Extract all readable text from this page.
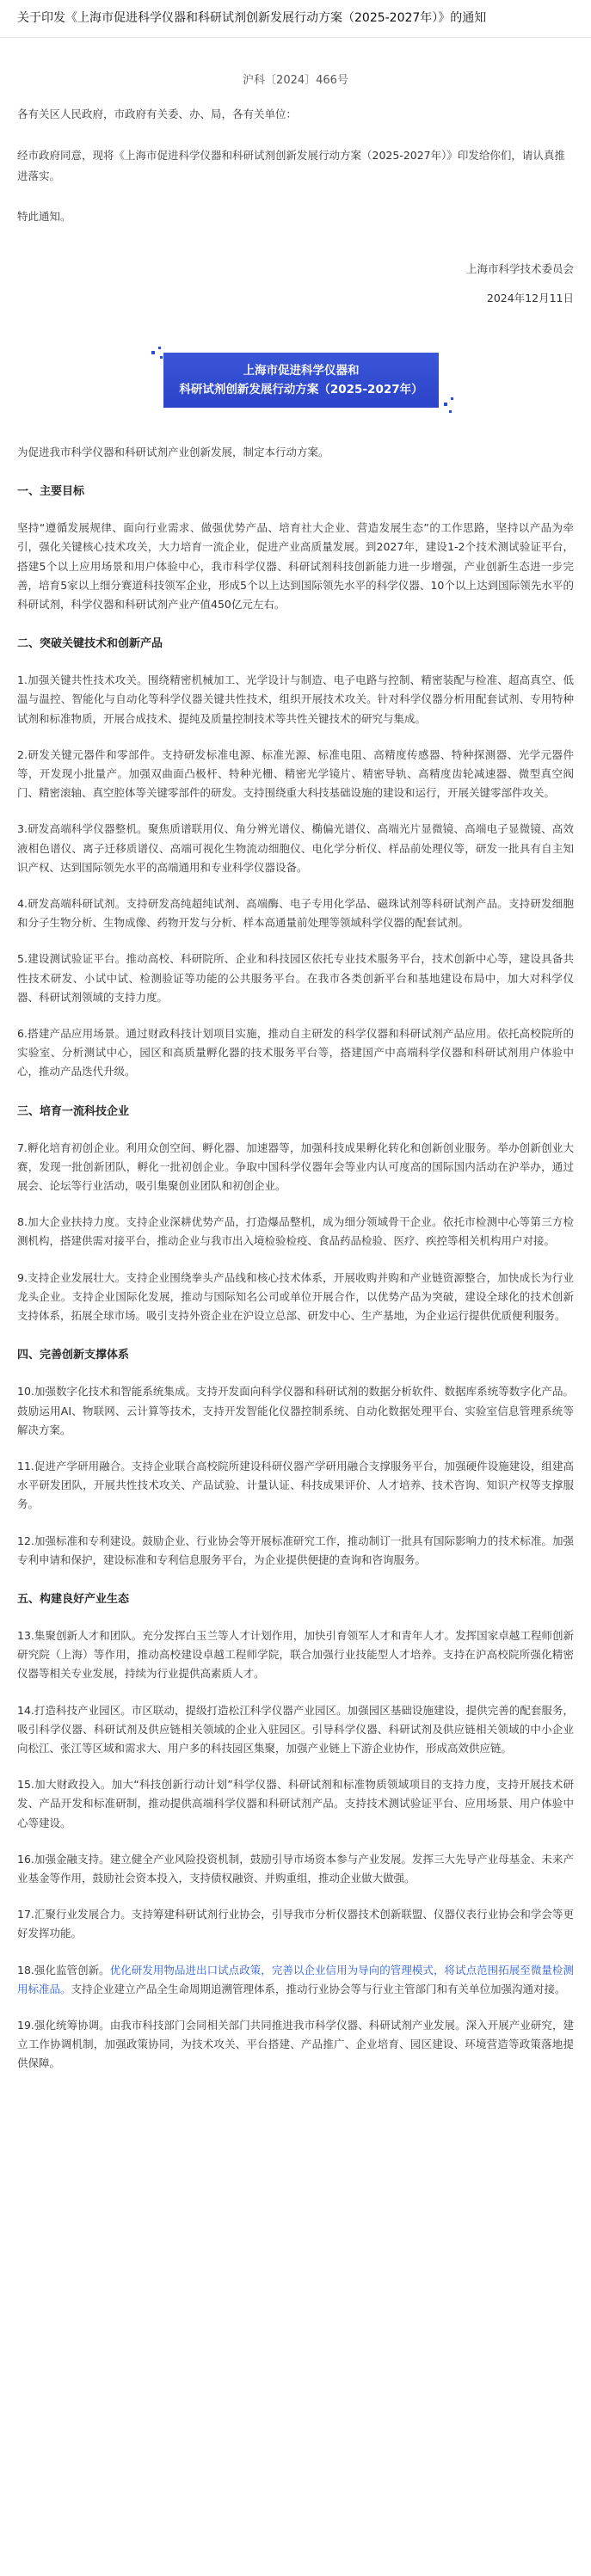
关于印发《上海市促进科学仪器和科研试剂创新发展行动方案（2025-2027年）》的通知
沪科〔2024〕466号

各有关区人民政府，市政府有关委、办、局，各有关单位：

经市政府同意，现将《上海市促进科学仪器和科研试剂创新发展行动方案（2025-2027年）》印发给你们，请认真推进落实。

特此通知。

上海市科学技术委员会

2024年12月11日

上海市促进科学仪器和
科研试剂创新发展行动方案（2025-2027年）

为促进我市科学仪器和科研试剂产业创新发展，制定本行动方案。

一、主要目标

坚持“遵循发展规律、面向行业需求、做强优势产品、培育社大企业、营造发展生态”的工作思路，坚持以产品为牵引，强化关键核心技术攻关，大力培育一流企业，促进产业高质量发展。到2027年，建设1-2个技术测试验证平台，搭建5个以上应用场景和用户体验中心，我市科学仪器、科研试剂科技创新能力进一步增强，产业创新生态进一步完善，培育5家以上细分赛道科技领军企业，形成5个以上达到国际领先水平的科学仪器、10个以上达到国际领先水平的科研试剂，科学仪器和科研试剂产业产值450亿元左右。

二、突破关键技术和创新产品

1.加强关键共性技术攻关。围绕精密机械加工、光学设计与制造、电子电路与控制、精密装配与检准、超高真空、低温与温控、智能化与自动化等科学仪器关键共性技术，组织开展技术攻关。针对科学仪器分析用配套试剂、专用特种试剂和标准物质，开展合成技术、提纯及质量控制技术等共性关键技术的研究与集成。

2.研发关键元器件和零部件。支持研发标准电源、标准光源、标准电阻、高精度传感器、特种探测器、光学元器件等，开发现小批量产。加强双曲面凸极杆、特种光栅、精密光学镜片、精密导轨、高精度齿轮减速器、微型真空阀门、精密滚轴、真空腔体等关键零部件的研发。支持围绕重大科技基础设施的建设和运行，开展关键零部件攻关。

3.研发高端科学仪器整机。聚焦质谱联用仪、角分辨光谱仪、椭偏光谱仪、高端光片显微镜、高端电子显微镜、高效液相色谱仪、离子迁移质谱仪、高端可视化生物流动细胞仪、电化学分析仪、样品前处理仪等，研发一批具有自主知识产权、达到国际领先水平的高端通用和专业科学仪器设备。

4.研发高端科研试剂。支持研发高纯超纯试剂、高端酶、电子专用化学品、磁珠试剂等科研试剂产品。支持研发细胞和分子生物分析、生物成像、药物开发与分析、样本高通量前处理等领域科学仪器的配套试剂。

5.建设测试验证平台。推动高校、科研院所、企业和科技园区依托专业技术服务平台，技术创新中心等，建设具备共性技术研发、小试中试、检测验证等功能的公共服务平台。在我市各类创新平台和基地建设布局中，加大对科学仪器、科研试剂领域的支持力度。

6.搭建产品应用场景。通过财政科技计划项目实施，推动自主研发的科学仪器和科研试剂产品应用。依托高校院所的实验室、分析测试中心，园区和高质量孵化器的技术服务平台等，搭建国产中高端科学仪器和科研试剂用户体验中心，推动产品迭代升级。

三、培育一流科技企业

7.孵化培育初创企业。利用众创空间、孵化器、加速器等，加强科技成果孵化转化和创新创业服务。举办创新创业大赛，发现一批创新团队，孵化一批初创企业。争取中国科学仪器年会等业内认可度高的国际国内活动在沪举办，通过展会、论坛等行业活动，吸引集聚创业团队和初创企业。

8.加大企业扶持力度。支持企业深耕优势产品，打造爆品整机，成为细分领域骨干企业。依托市检测中心等第三方检测机构，搭建供需对接平台，推动企业与我市出入境检验检疫、食品药品检验、医疗、疾控等相关机构用户对接。

9.支持企业发展壮大。支持企业围绕拳头产品线和核心技术体系，开展收购并购和产业链资源整合，加快成长为行业龙头企业。支持企业国际化发展，推动与国际知名公司或单位开展合作，以优势产品为突破，建设全球化的技术创新支持体系，拓展全球市场。吸引支持外资企业在沪设立总部、研发中心、生产基地，为企业运行提供优质便利服务。

四、完善创新支撑体系

10.加强数字化技术和智能系统集成。支持开发面向科学仪器和科研试剂的数据分析软件、数据库系统等数字化产品。鼓励运用AI、物联网、云计算等技术，支持开发智能化仪器控制系统、自动化数据处理平台、实验室信息管理系统等解决方案。

11.促进产学研用融合。支持企业联合高校院所建设科研仪器产学研用融合支撑服务平台，加强硬件设施建设，组建高水平研发团队，开展共性技术攻关、产品试验、计量认证、科技成果评价、人才培养、技术咨询、知识产权等支撑服务。

12.加强标准和专利建设。鼓励企业、行业协会等开展标准研究工作，推动制订一批具有国际影响力的技术标准。加强专利申请和保护，建设标准和专利信息服务平台，为企业提供便捷的查询和咨询服务。

五、构建良好产业生态

13.集聚创新人才和团队。充分发挥白玉兰等人才计划作用，加快引育领军人才和青年人才。发挥国家卓越工程师创新研究院（上海）等作用，推动高校建设卓越工程师学院，联合加强行业技能型人才培养。支持在沪高校院所强化精密仪器等相关专业发展，持续为行业提供高素质人才。

14.打造科技产业园区。市区联动，提级打造松江科学仪器产业园区。加强园区基础设施建设，提供完善的配套服务，吸引科学仪器、科研试剂及供应链相关领域的企业入驻园区。引导科学仪器、科研试剂及供应链相关领域的中小企业向松江、张江等区域和需求大、用户多的科技园区集聚，加强产业链上下游企业协作，形成高效供应链。

15.加大财政投入。加大“科技创新行动计划”科学仪器、科研试剂和标准物质领域项目的支持力度，支持开展技术研发、产品开发和标准研制，推动提供高端科学仪器和科研试剂产品。支持技术测试验证平台、应用场景、用户体验中心等建设。

16.加强金融支持。建立健全产业风险投资机制，鼓励引导市场资本参与产业发展。发挥三大先导产业母基金、未来产业基金等作用，鼓励社会资本投入，支持债权融资、并购重组，推动企业做大做强。

17.汇聚行业发展合力。支持筹建科研试剂行业协会，引导我市分析仪器技术创新联盟、仪器仪表行业协会和学会等更好发挥功能。

18.强化监管创新。优化研发用物品进出口试点政策，完善以企业信用为导向的管理模式，将试点范围拓展至微量检测用标准品。支持企业建立产品全生命周期追溯管理体系，推动行业协会等与行业主管部门和有关单位加强沟通对接。

19.强化统筹协调。由我市科技部门会同相关部门共同推进我市科学仪器、科研试剂产业发展。深入开展产业研究，建立工作协调机制，加强政策协同，为技术攻关、平台搭建、产品推广、企业培育、园区建设、环境营造等政策落地提供保障。
